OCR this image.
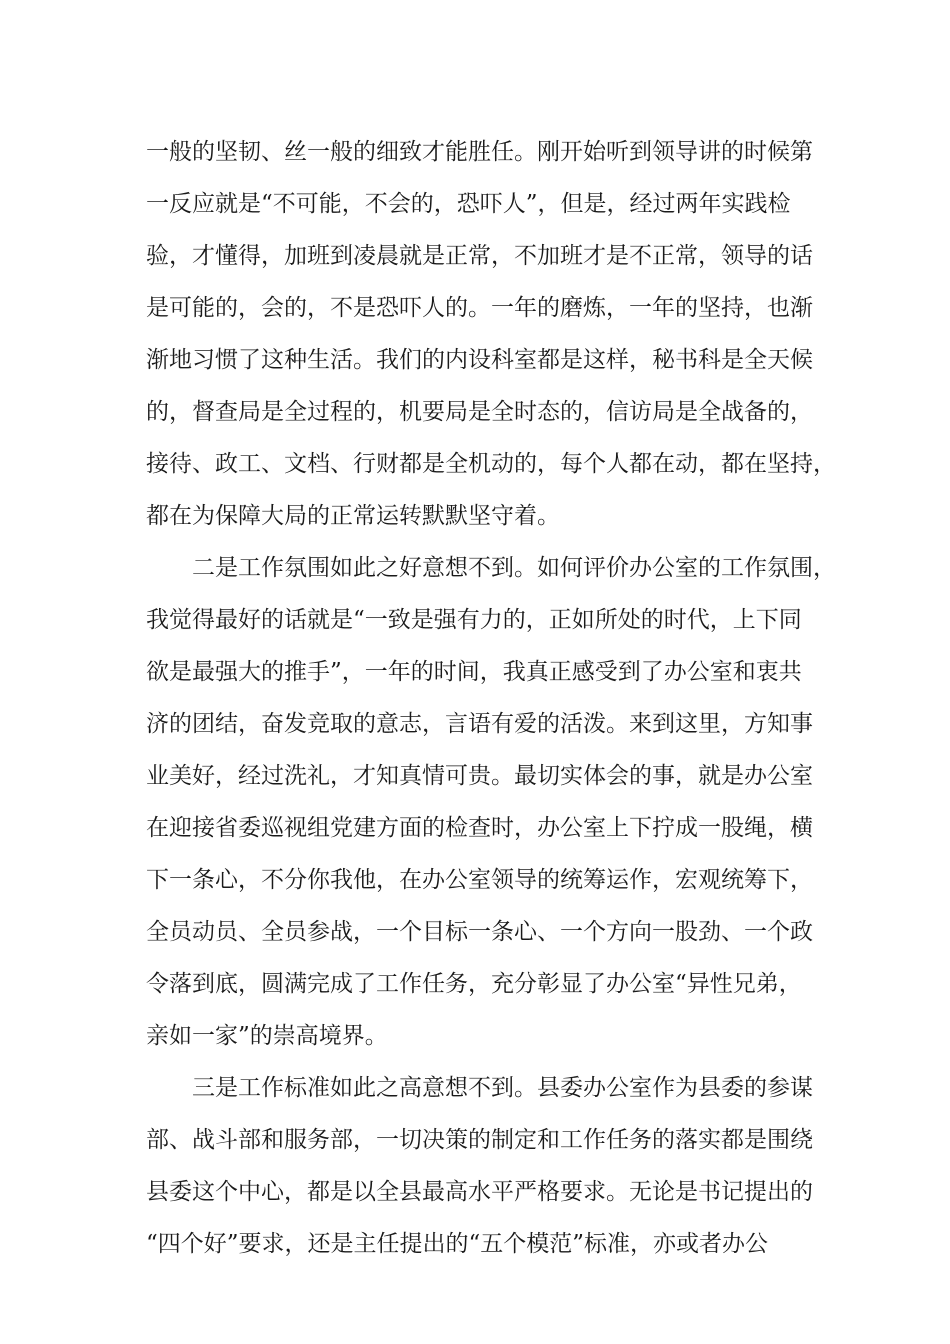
一般的坚韧、丝一般的细致才能胜任。刚开始听到领导讲的时候第
一反应就是“不可能，不会的，恐吓人”，但是，经过两年实践检
验，才懂得，加班到凌晨就是正常，不加班才是不正常，领导的话
是可能的，会的，不是恐吓人的。一年的磨炼，一年的坚持，也渐
渐地习惯了这种生活。我们的内设科室都是这样，秘书科是全天候
的，督查局是全过程的，机要局是全时态的，信访局是全战备的，
接待、政工、文档、行财都是全机动的，每个人都在动，都在坚持，
都在为保障大局的正常运转默默坚守着。
二是工作氛围如此之好意想不到。如何评价办公室的工作氛围，
我觉得最好的话就是“一致是强有力的，正如所处的时代，上下同
欲是最强大的推手”，一年的时间，我真正感受到了办公室和衷共
济的团结，奋发竞取的意志，言语有爱的活泼。来到这里，方知事
业美好，经过洗礼，才知真情可贵。最切实体会的事，就是办公室
在迎接省委巡视组党建方面的检查时，办公室上下拧成一股绳，横
下一条心，不分你我他，在办公室领导的统筹运作，宏观统筹下，
全员动员、全员参战，一个目标一条心、一个方向一股劲、一个政
令落到底，圆满完成了工作任务，充分彰显了办公室“异性兄弟，
亲如一家”的崇高境界。
三是工作标准如此之高意想不到。县委办公室作为县委的参谋
部、战斗部和服务部，一切决策的制定和工作任务的落实都是围绕
县委这个中心，都是以全县最高水平严格要求。无论是书记提出的
“四个好”要求，还是主任提出的“五个模范”标准，亦或者办公
